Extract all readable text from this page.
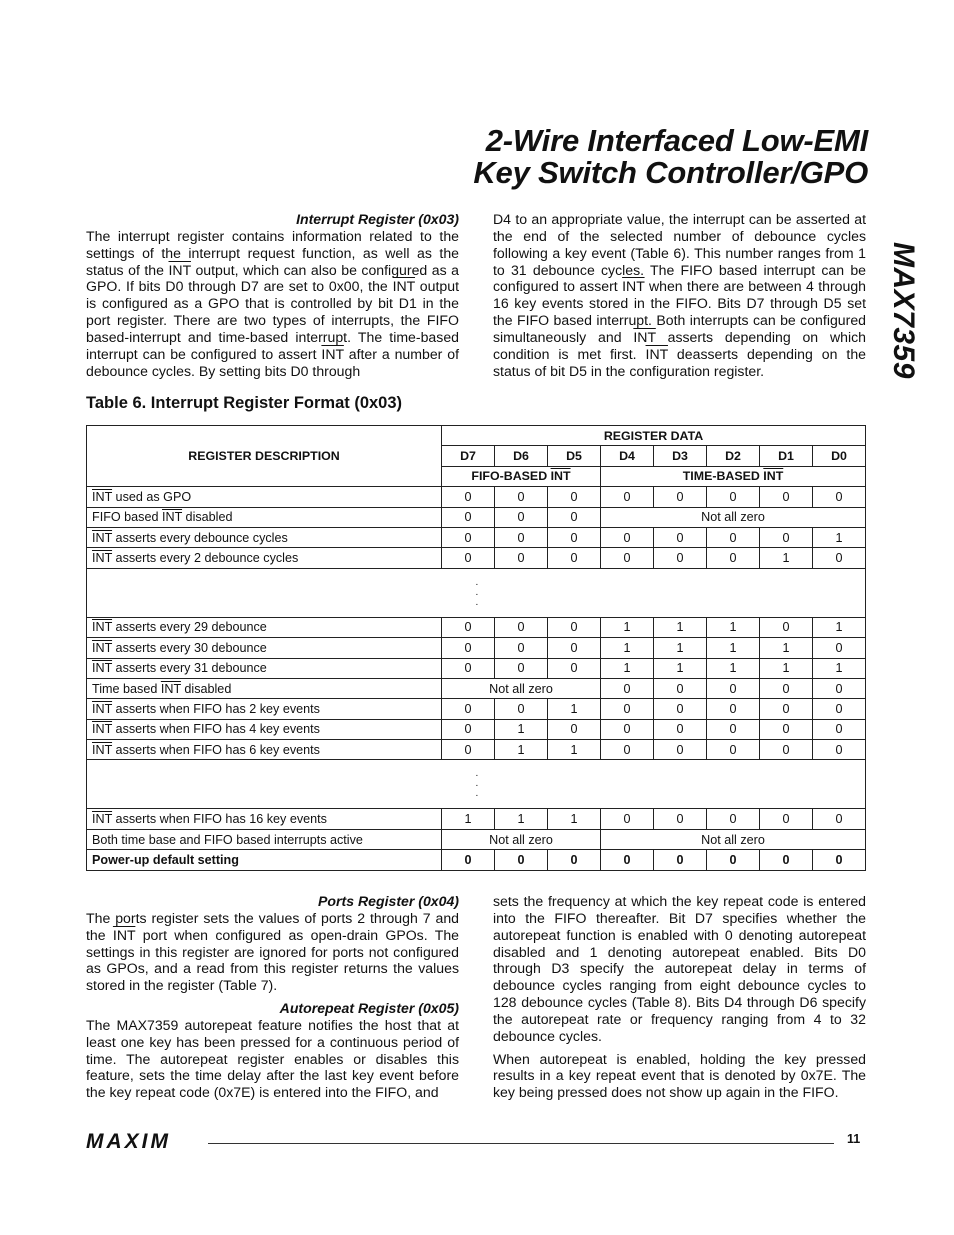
2-Wire Interfaced Low-EMI
Key Switch Controller/GPO
MAX7359
Interrupt Register (0x03)

The interrupt register contains information related to the settings of the interrupt request function, as well as the status of the $\overline{INT}$ output, which can also be configured as a GPO. If bits D0 through D7 are set to 0x00, the $\overline{INT}$ output is configured as a GPO that is controlled by bit D1 in the port register. There are two types of interrupts, the FIFO based-interrupt and time-based interrupt. The time-based interrupt can be configured to assert $\overline{INT}$ after a number of debounce cycles. By setting bits D0 through

D4 to an appropriate value, the interrupt can be asserted at the end of the selected number of debounce cycles following a key event (Table 6). This number ranges from 1 to 31 debounce cycles. The FIFO based interrupt can be configured to assert $\overline{INT}$ when there are between 4 through 16 key events stored in the FIFO. Bits D7 through D5 set the FIFO based interrupt. Both interrupts can be configured simultaneously and $\overline{INT}$ asserts depending on which condition is met first. $\overline{INT}$ deasserts depending on the status of bit D5 in the configuration register.

Table 6. Interrupt Register Format (0x03)
REGISTER DESCRIPTION	REGISTER DATA							
	D7	D6	D5	D4	D3	D2	D1	D0
	FIFO-BASED $\overline{INT}$			TIME-BASED $\overline{INT}$
$\overline{INT}$ used as GPO	0	0	0	0	0	0	0	0
FIFO based $\overline{INT}$ disabled	0	0	0	Not all zero				
$\overline{INT}$ asserts every debounce cycles	0	0	0	0	0	0	0	1
$\overline{INT}$ asserts every 2 debounce cycles	0	0	0	0	0	0	1	0

	.
.
.							

$\overline{INT}$ asserts every 29 debounce	0	0	0	1	1	1	0	1
$\overline{INT}$ asserts every 30 debounce	0	0	0	1	1	1	1	0
$\overline{INT}$ asserts every 31 debounce	0	0	0	1	1	1	1	1
Time based $\overline{INT}$ disabled	Not all zero			0	0	0	0	0
$\overline{INT}$ asserts when FIFO has 2 key events	0	0	1	0	0	0	0	0
$\overline{INT}$ asserts when FIFO has 4 key events	0	1	0	0	0	0	0	0
$\overline{INT}$ asserts when FIFO has 6 key events	0	1	1	0	0	0	0	0

	.
.
.							

$\overline{INT}$ asserts when FIFO has 16 key events	1	1	1	0	0	0	0	0
Both time base and FIFO based interrupts active	Not all zero			Not all zero				
Power-up default setting	0	0	0	0	0	0	0	0
Ports Register (0x04)

The ports register sets the values of ports 2 through 7 and the $\overline{INT}$ port when configured as open-drain GPOs. The settings in this register are ignored for ports not configured as GPOs, and a read from this register returns the values stored in the register (Table 7).

Autorepeat Register (0x05)

The MAX7359 autorepeat feature notifies the host that at least one key has been pressed for a continuous period of time. The autorepeat register enables or disables this feature, sets the time delay after the last key event before the key repeat code (0x7E) is entered into the FIFO, and

sets the frequency at which the key repeat code is entered into the FIFO thereafter. Bit D7 specifies whether the autorepeat function is enabled with 0 denoting autorepeat disabled and 1 denoting autorepeat enabled. Bits D0 through D3 specify the autorepeat delay in terms of debounce cycles ranging from eight debounce cycles to 128 debounce cycles (Table 8). Bits D4 through D6 specify the autorepeat rate or frequency ranging from 4 to 32 debounce cycles.

When autorepeat is enabled, holding the key pressed results in a key repeat event that is denoted by 0x7E. The key being pressed does not show up again in the FIFO.

MAXIM	11
